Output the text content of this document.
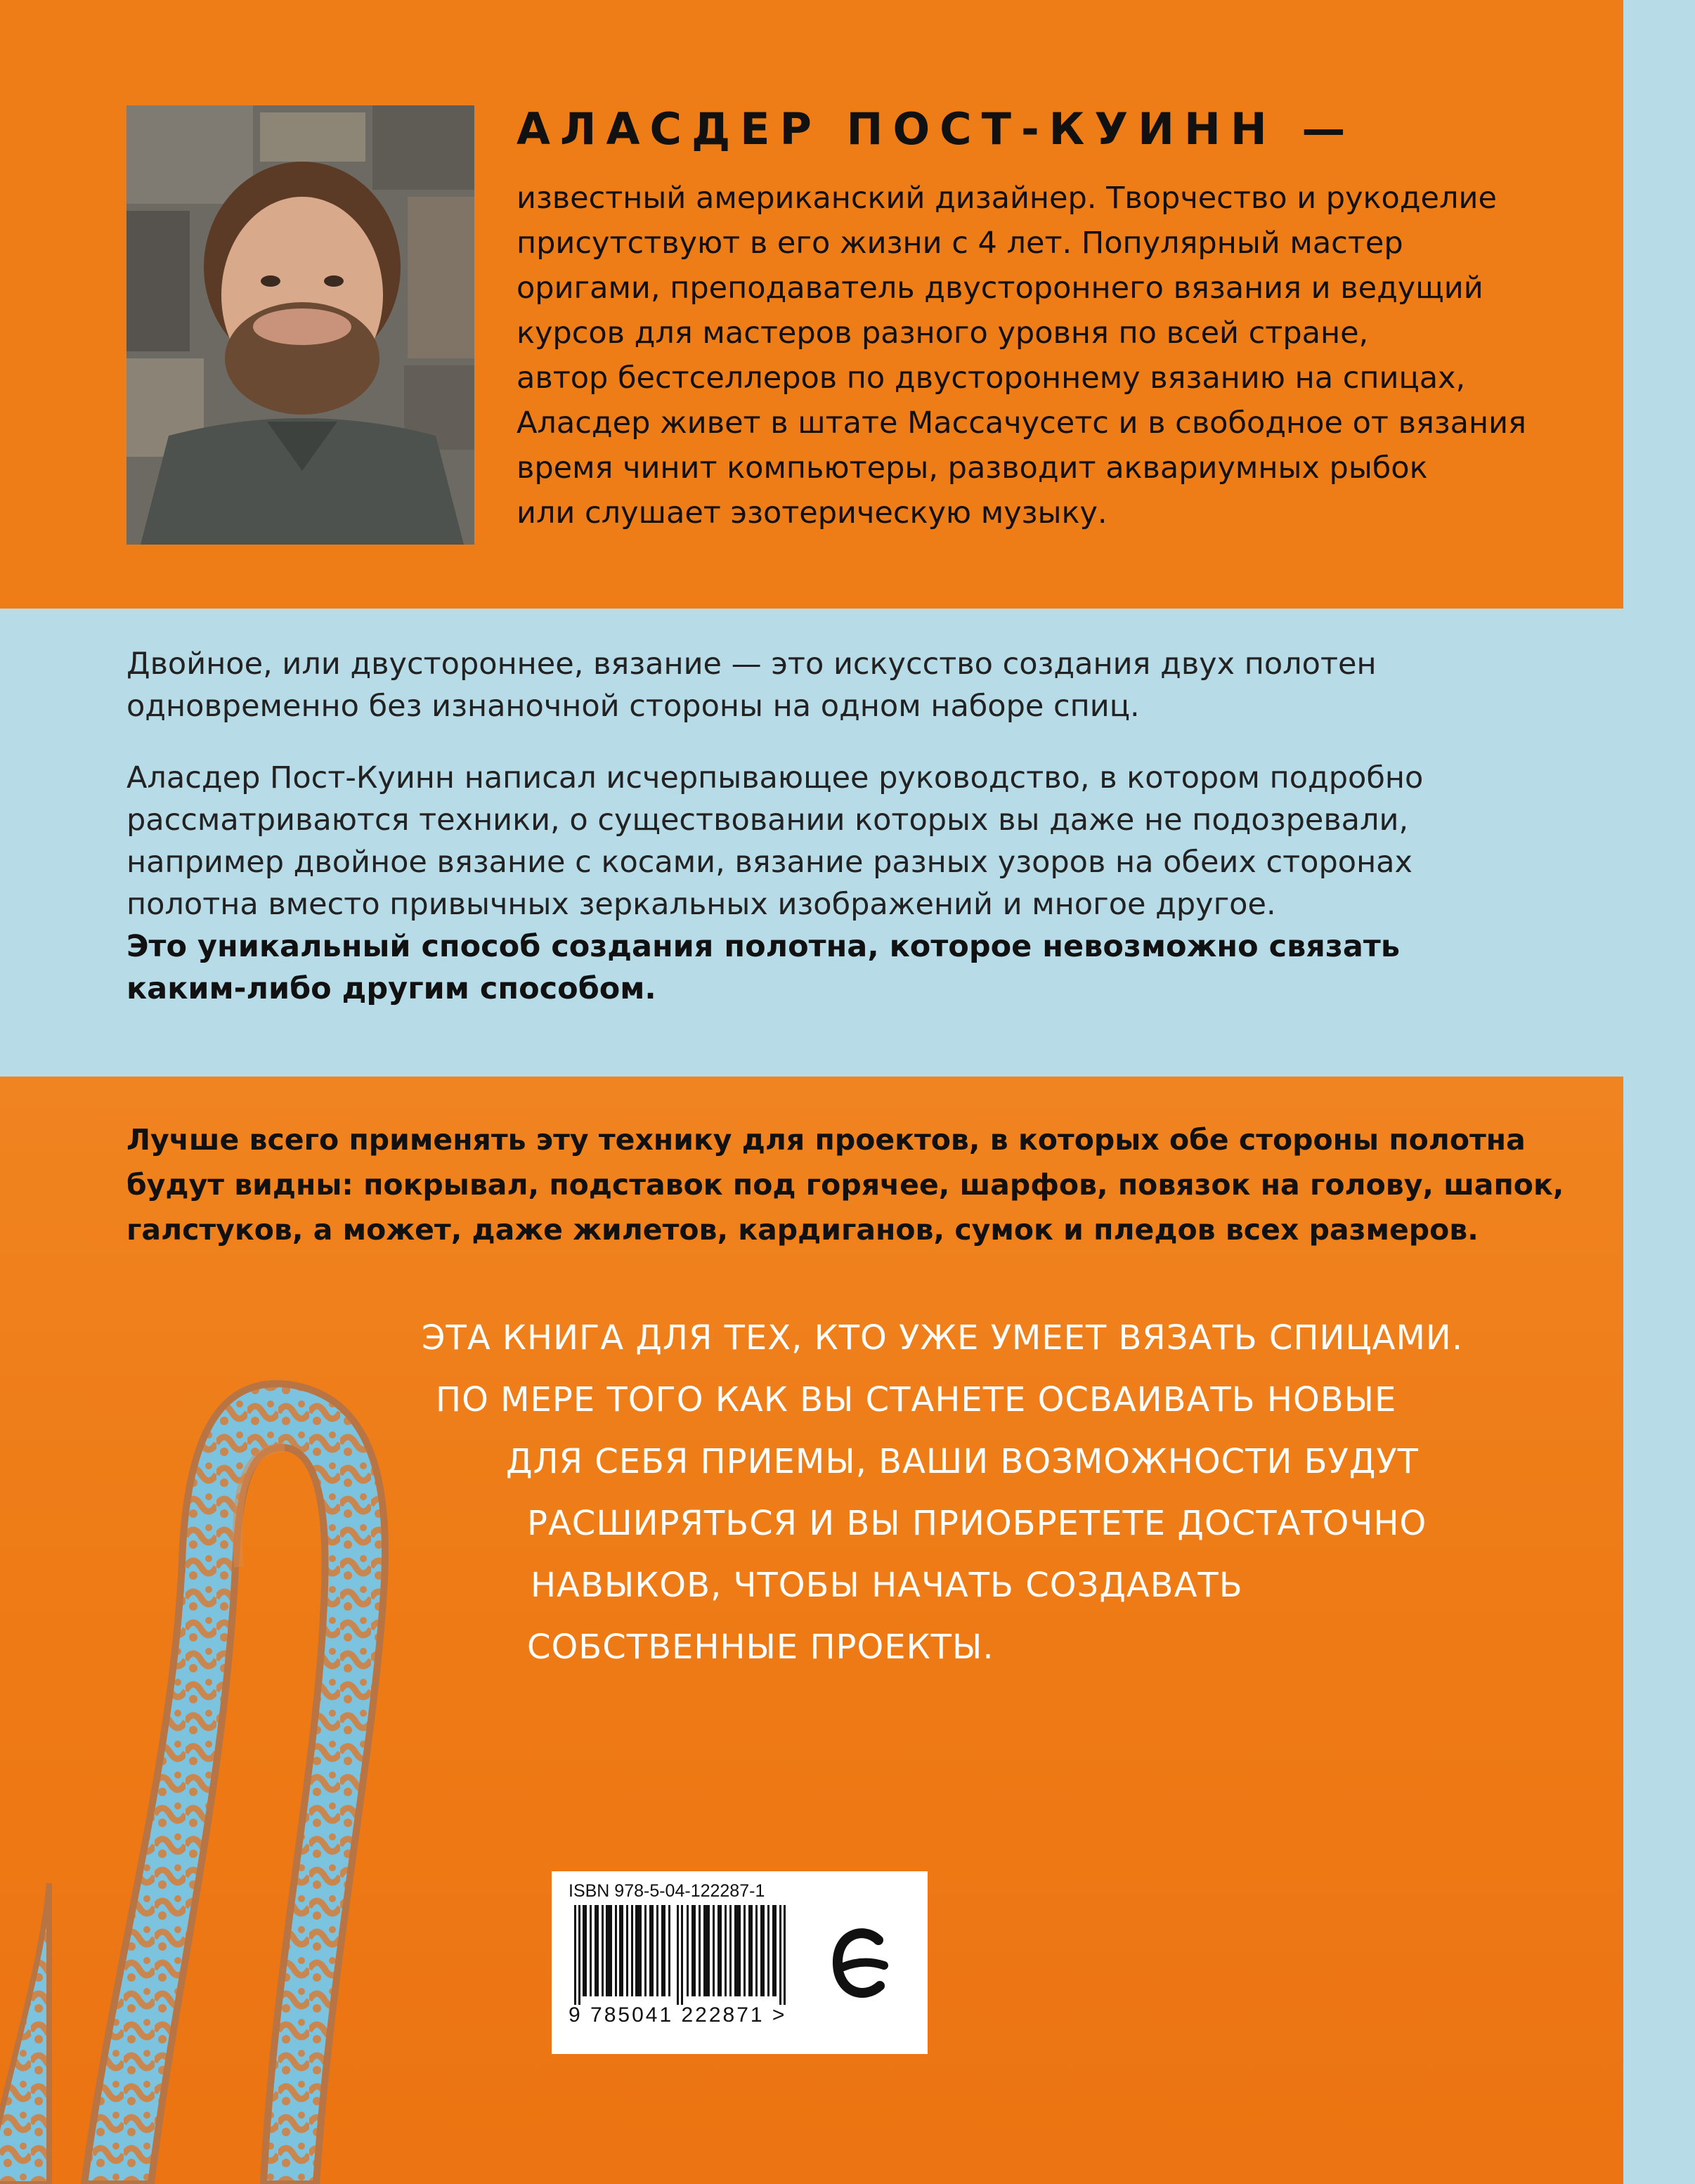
АЛАСДЕР ПОСТ-КУИНН —

известный американский дизайнер. Творчество и рукоделие
присутствуют в его жизни с 4 лет. Популярный мастер
оригами, преподаватель двустороннего вязания и ведущий
курсов для мастеров разного уровня по всей стране,
автор бестселлеров по двустороннему вязанию на спицах,
Аласдер живет в штате Массачусетс и в свободное от вязания
время чинит компьютеры, разводит аквариумных рыбок
или слушает эзотерическую музыку.

Двойное, или двустороннее, вязание — это искусство создания двух полотен
одновременно без изнаночной стороны на одном наборе спиц.

Аласдер Пост-Куинн написал исчерпывающее руководство, в котором подробно
рассматриваются техники, о существовании которых вы даже не подозревали,
например двойное вязание с косами, вязание разных узоров на обеих сторонах
полотна вместо привычных зеркальных изображений и многое другое.
Это уникальный способ создания полотна, которое невозможно связать
каким-либо другим способом.

Лучше всего применять эту технику для проектов, в которых обе стороны полотна
будут видны: покрывал, подставок под горячее, шарфов, повязок на голову, шапок,
галстуков, а может, даже жилетов, кардиганов, сумок и пледов всех размеров.

ЭТА КНИГА ДЛЯ ТЕХ, КТО УЖЕ УМЕЕТ ВЯЗАТЬ СПИЦАМИ.
ПО МЕРЕ ТОГО КАК ВЫ СТАНЕТЕ ОСВАИВАТЬ НОВЫЕ
ДЛЯ СЕБЯ ПРИЕМЫ, ВАШИ ВОЗМОЖНОСТИ БУДУТ
РАСШИРЯТЬСЯ И ВЫ ПРИОБРЕТЕТЕ ДОСТАТОЧНО
НАВЫКОВ, ЧТОБЫ НАЧАТЬ СОЗДАВАТЬ
СОБСТВЕННЫЕ ПРОЕКТЫ.

ISBN 978-5-04-122287-1

9 785041 222871 >
